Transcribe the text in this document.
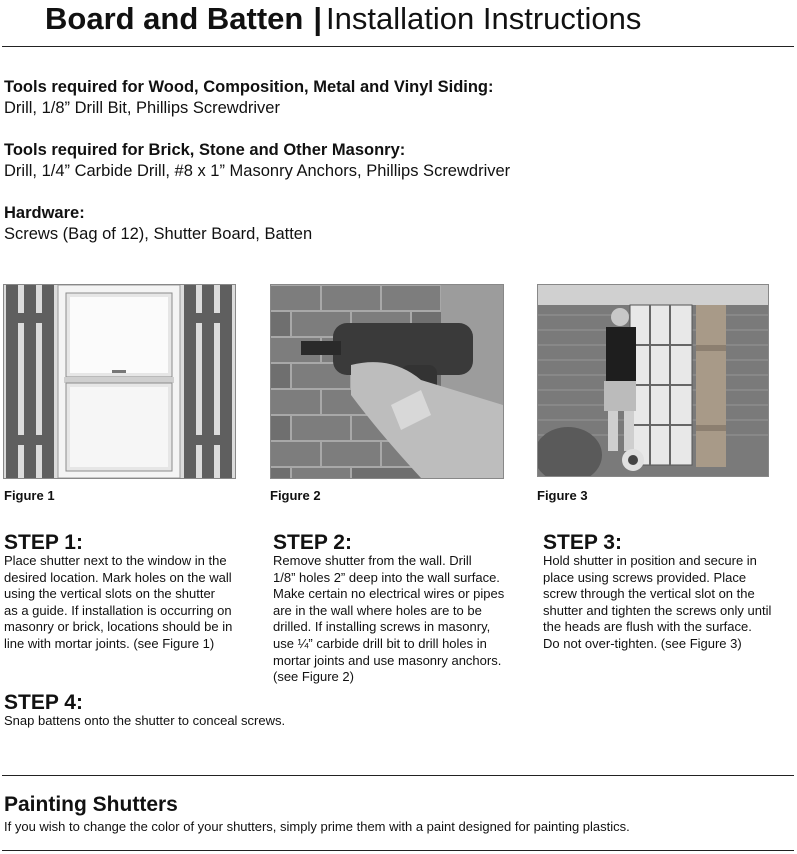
Board and Batten | Installation Instructions
Tools required for Wood, Composition, Metal and Vinyl Siding:
Drill, 1/8” Drill Bit, Phillips Screwdriver
Tools required for Brick, Stone and Other Masonry:
Drill, 1/4” Carbide Drill, #8 x 1” Masonry Anchors, Phillips Screwdriver
Hardware:
Screws (Bag of 12), Shutter Board, Batten
Figure 1	Figure 2	Figure 3
STEP 1:
Place shutter next to the window in the
desired location. Mark holes on the wall
using the vertical slots on the shutter
as a guide. If installation is occurring on
masonry or brick, locations should be in
line with mortar joints. (see Figure 1)
STEP 2:
Remove shutter from the wall. Drill
1/8” holes 2” deep into the wall surface.
Make certain no electrical wires or pipes
are in the wall where holes are to be
drilled. If installing screws in masonry,
use ¼” carbide drill bit to drill holes in
mortar joints and use masonry anchors.
(see Figure 2)
STEP 3:
Hold shutter in position and secure in
place using screws provided. Place
screw through the vertical slot on the
shutter and tighten the screws only until
the heads are flush with the surface.
Do not over-tighten. (see Figure 3)
STEP 4:
Snap battens onto the shutter to conceal screws.
Painting Shutters
If you wish to change the color of your shutters, simply prime them with a paint designed for painting plastics.
